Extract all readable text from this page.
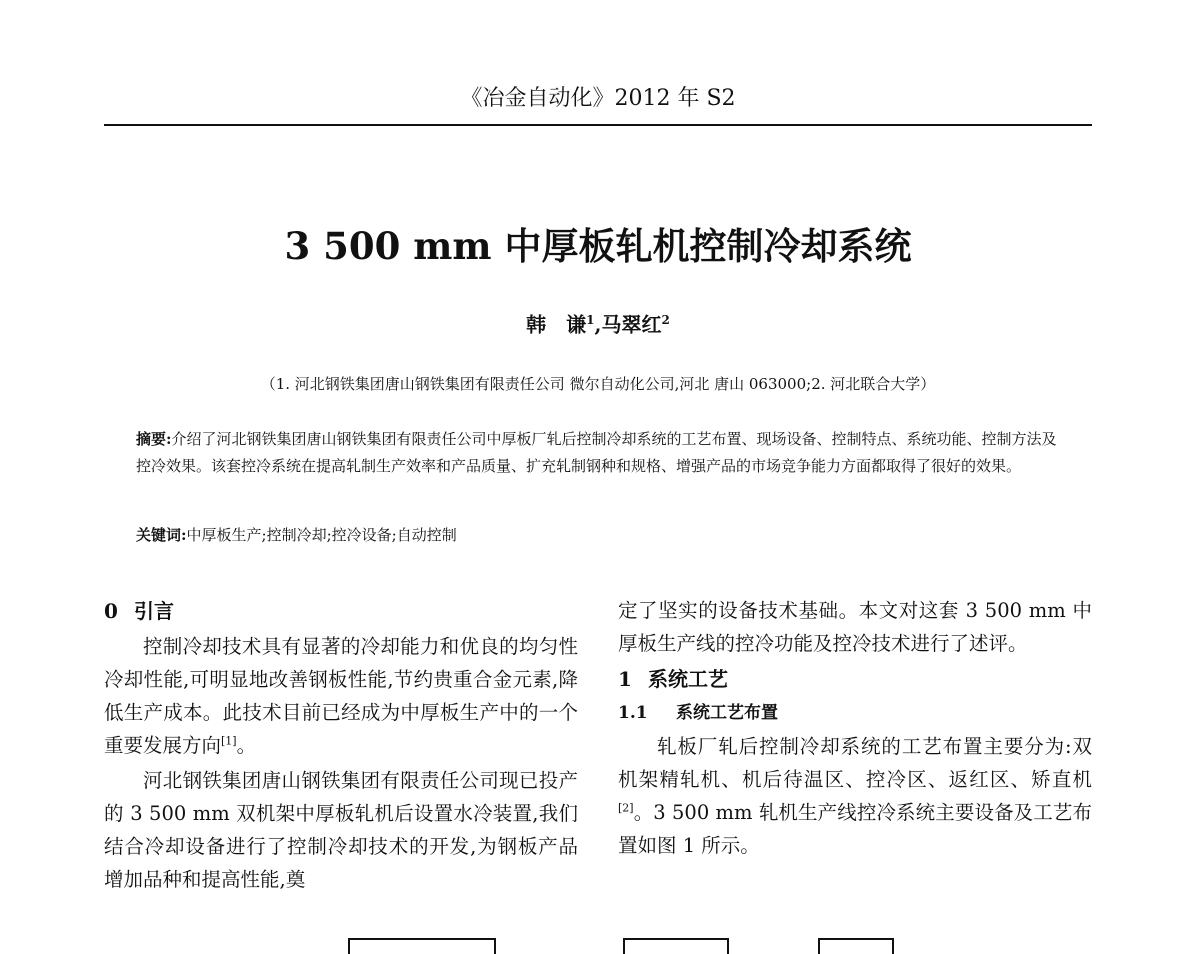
《冶金自动化》2012 年 S2
3 500 mm 中厚板轧机控制冷却系统
韩　谦$^1$,马翠红$^2$
（1. 河北钢铁集团唐山钢铁集团有限责任公司 微尔自动化公司,河北 唐山 063000;2. 河北联合大学）
摘要:介绍了河北钢铁集团唐山钢铁集团有限责任公司中厚板厂轧后控制冷却系统的工艺布置、现场设备、控制特点、系统功能、控制方法及控冷效果。该套控冷系统在提高轧制生产效率和产品质量、扩充轧制钢种和规格、增强产品的市场竞争能力方面都取得了很好的效果。
关键词:中厚板生产;控制冷却;控冷设备;自动控制
0 引言

控制冷却技术具有显著的冷却能力和优良的均匀性冷却性能,可明显地改善钢板性能,节约贵重合金元素,降低生产成本。此技术目前已经成为中厚板生产中的一个重要发展方向[1]。

河北钢铁集团唐山钢铁集团有限责任公司现已投产的 3 500 mm 双机架中厚板轧机后设置水冷装置,我们结合冷却设备进行了控制冷却技术的开发,为钢板产品增加品种和提高性能,奠

定了坚实的设备技术基础。本文对这套 3 500 mm 中厚板生产线的控冷功能及控冷技术进行了述评。

1 系统工艺
1.1 系统工艺布置

轧板厂轧后控制冷却系统的工艺布置主要分为:双机架精轧机、机后待温区、控冷区、返红区、矫直机[2]。3 500 mm 轧机生产线控冷系统主要设备及工艺布置如图 1 所示。
